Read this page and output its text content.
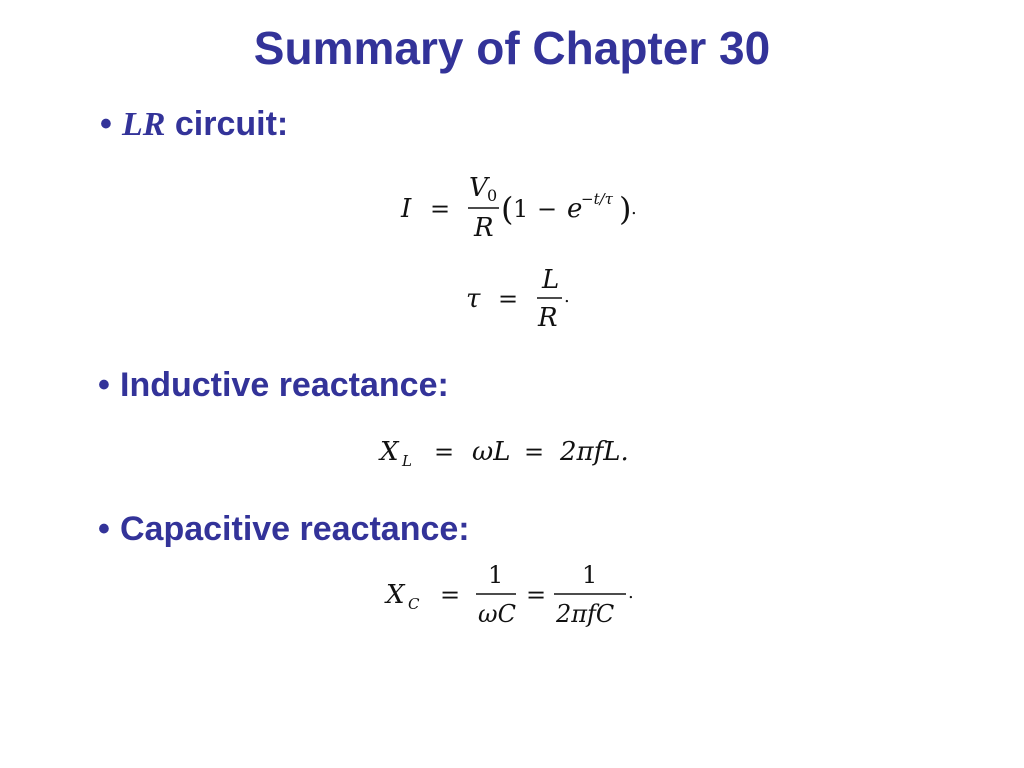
Summary of Chapter 30
• LR circuit:
I =
V 0
R ( 1 − e
−t/τ ) .
τ =
L
R
.
• Inductive reactance:
X L = ωL = 2πfL.
• Capacitive reactance:
X C =
1
ωC
=
1
2πfC
.
